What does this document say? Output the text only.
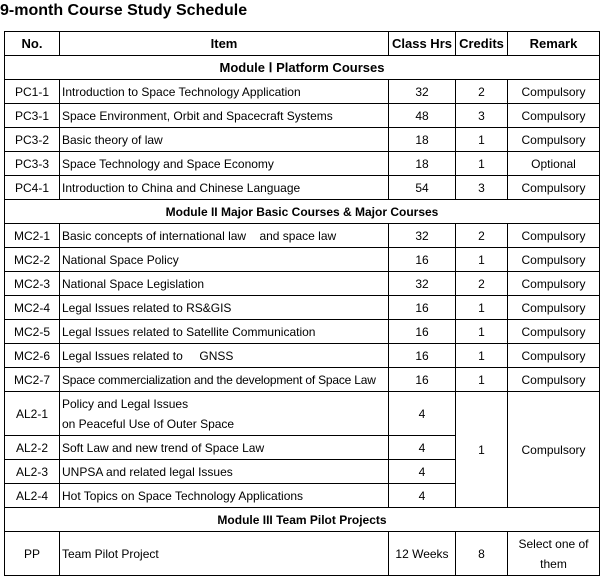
9-month Course Study Schedule
No.	Item	Class Hrs	Credits	Remark
Module Ⅰ Platform Courses				
PC1-1	Introduction to Space Technology Application	32	2	Compulsory
PC3-1	Space Environment, Orbit and Spacecraft Systems	48	3	Compulsory
PC3-2	Basic theory of law	18	1	Compulsory
PC3-3	Space Technology and Space Economy	18	1	Optional
PC4-1	Introduction to China and Chinese Language	54	3	Compulsory
Module II Major Basic Courses & Major Courses				
MC2-1	Basic concepts of international law    and space law	32	2	Compulsory
MC2-2	National Space Policy	16	1	Compulsory
MC2-3	National Space Legislation	32	2	Compulsory
MC2-4	Legal Issues related to RS&GIS	16	1	Compulsory
MC2-5	Legal Issues related to Satellite Communication	16	1	Compulsory
MC2-6	Legal Issues related to     GNSS	16	1	Compulsory
MC2-7	Space commercialization and the development of Space Law	16	1	Compulsory
AL2-1	Policy and Legal Issues
on Peaceful Use of Outer Space	4	1	Compulsory
AL2-2	Soft Law and new trend of Space Law	4		
AL2-3	UNPSA and related legal Issues	4		
AL2-4	Hot Topics on Space Technology Applications	4		
Module III Team Pilot Projects				
PP	Team Pilot Project	12 Weeks	8	Select one of
them
